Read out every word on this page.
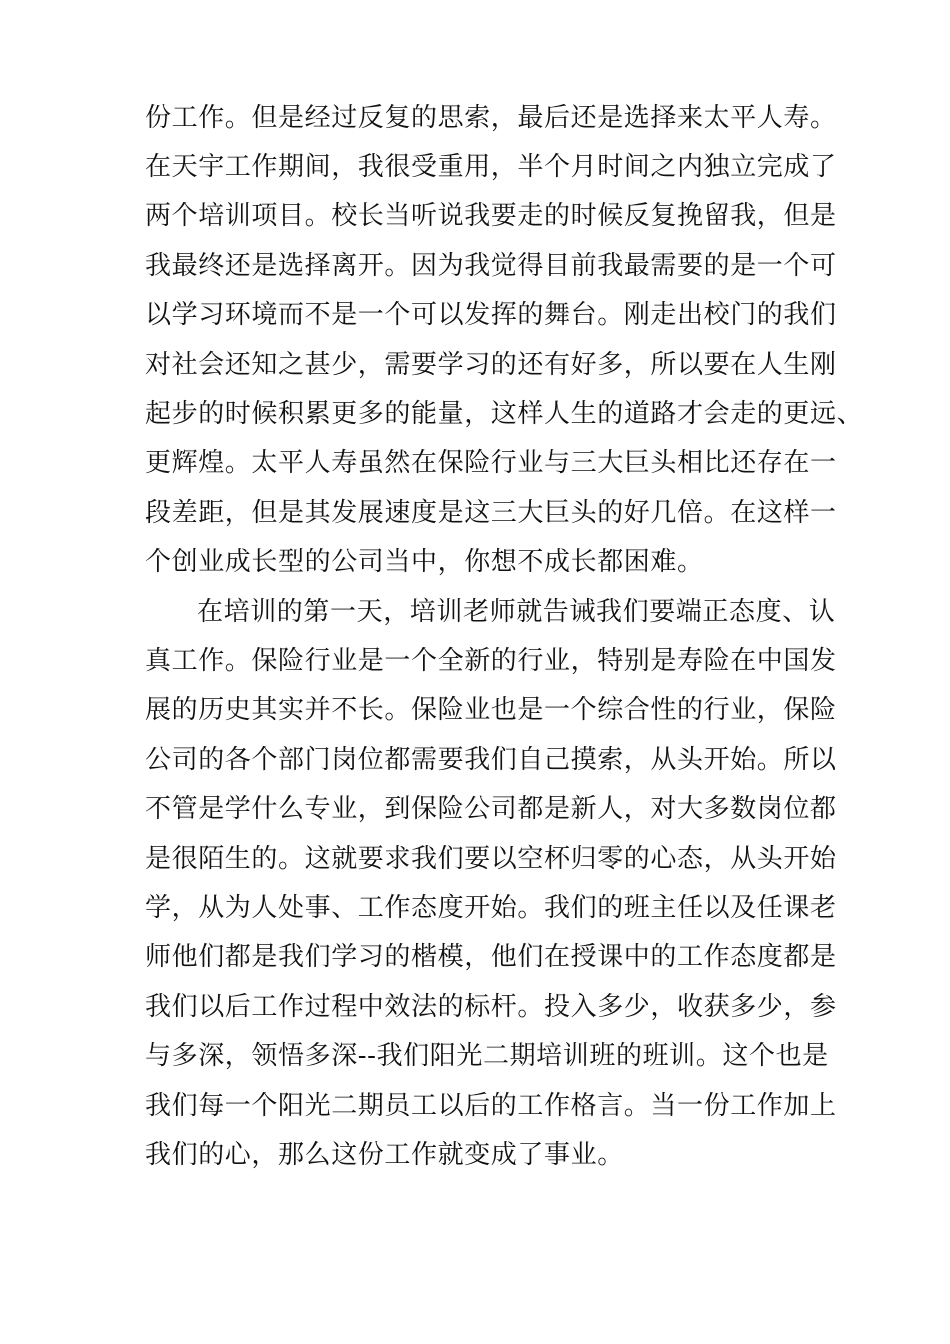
份工作。但是经过反复的思索，最后还是选择来太平人寿。
在天宇工作期间，我很受重用，半个月时间之内独立完成了
两个培训项目。校长当听说我要走的时候反复挽留我，但是
我最终还是选择离开。因为我觉得目前我最需要的是一个可
以学习环境而不是一个可以发挥的舞台。刚走出校门的我们
对社会还知之甚少，需要学习的还有好多，所以要在人生刚
起步的时候积累更多的能量，这样人生的道路才会走的更远、
更辉煌。太平人寿虽然在保险行业与三大巨头相比还存在一
段差距，但是其发展速度是这三大巨头的好几倍。在这样一
个创业成长型的公司当中，你想不成长都困难。
在培训的第一天，培训老师就告诫我们要端正态度、认
真工作。保险行业是一个全新的行业，特别是寿险在中国发
展的历史其实并不长。保险业也是一个综合性的行业，保险
公司的各个部门岗位都需要我们自己摸索，从头开始。所以
不管是学什么专业，到保险公司都是新人，对大多数岗位都
是很陌生的。这就要求我们要以空杯归零的心态，从头开始
学，从为人处事、工作态度开始。我们的班主任以及任课老
师他们都是我们学习的楷模，他们在授课中的工作态度都是
我们以后工作过程中效法的标杆。投入多少，收获多少，参
与多深，领悟多深--我们阳光二期培训班的班训。这个也是
我们每一个阳光二期员工以后的工作格言。当一份工作加上
我们的心，那么这份工作就变成了事业。
